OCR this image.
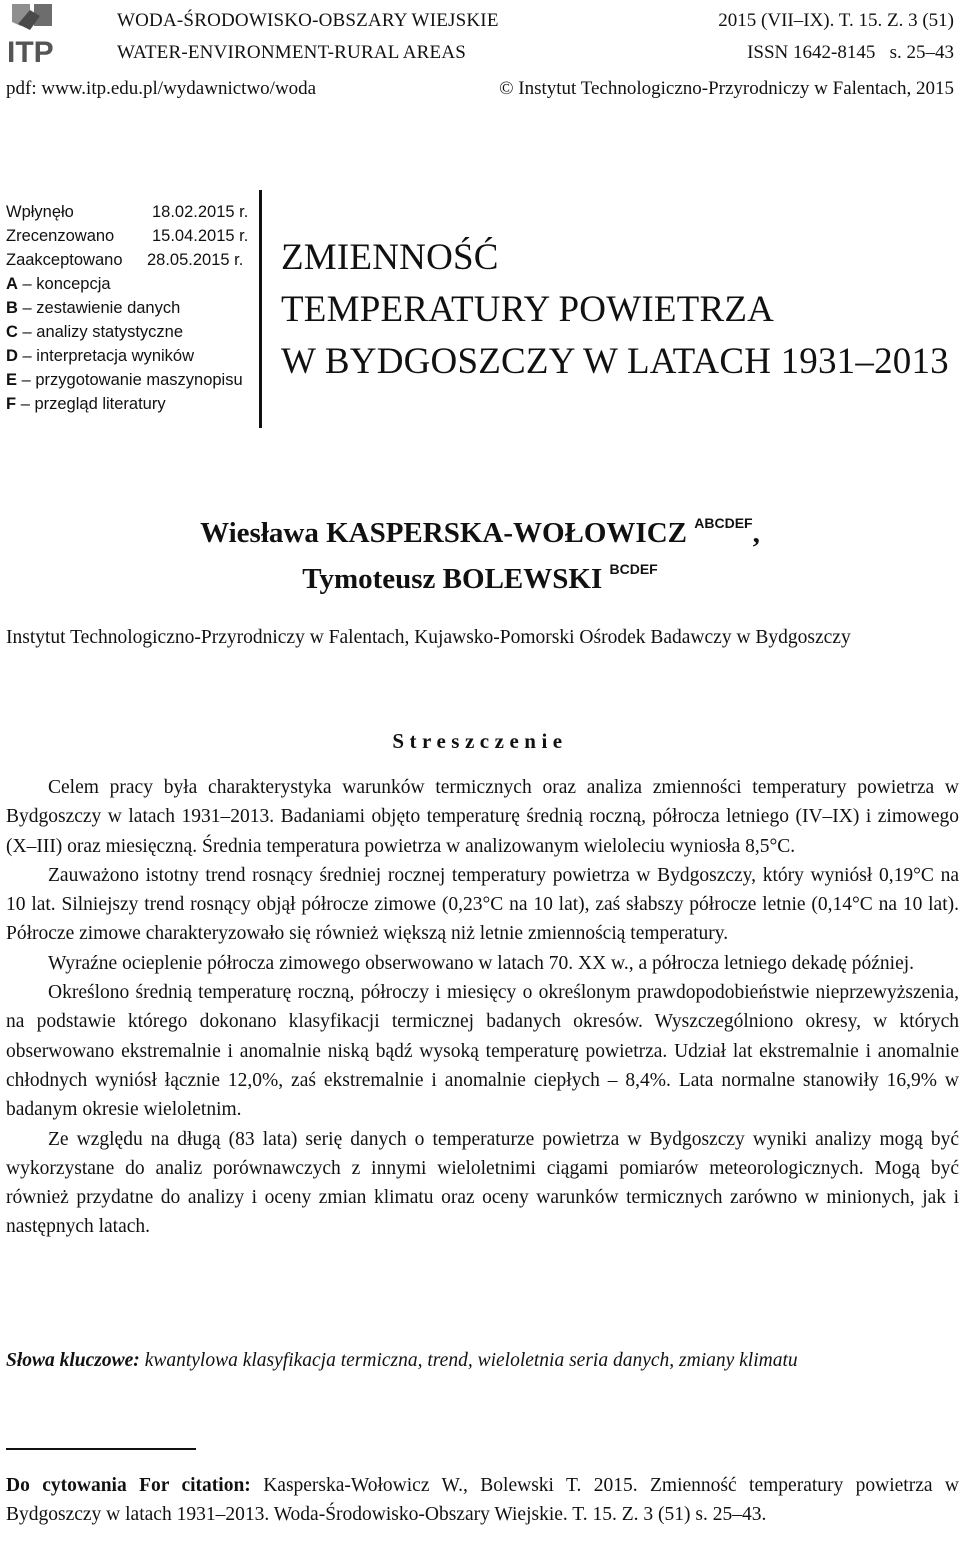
ITP
WODA-ŚRODOWISKO-OBSZARY WIEJSKIE
WATER-ENVIRONMENT-RURAL AREAS
2015 (VII–IX). T. 15. Z. 3 (51)
ISSN 1642-8145 s. 25–43
pdf: www.itp.edu.pl/wydawnictwo/woda	© Instytut Technologiczno-Przyrodniczy w Falentach, 2015
Wpłynęło	18.02.2015 r.
Zrecenzowano 15.04.2015 r.
Zaakceptowano 28.05.2015 r.
A – koncepcja
B – zestawienie danych
C – analizy statystyczne
D – interpretacja wyników
E – przygotowanie maszynopisu
F – przegląd literatury
ZMIENNOŚĆ
TEMPERATURY POWIETRZA
W BYDGOSZCZY W LATACH 1931–2013
Wiesława KASPERSKA-WOŁOWICZ $^{ABCDEF}$,
Tymoteusz BOLEWSKI $^{BCDEF}$
Instytut Technologiczno-Przyrodniczy w Falentach, Kujawsko-Pomorski Ośrodek Badawczy w Bydgoszczy
Streszczenie

Celem pracy była charakterystyka warunków termicznych oraz analiza zmienności temperatury powietrza w Bydgoszczy w latach 1931–2013. Badaniami objęto temperaturę średnią roczną, półrocza letniego (IV–IX) i zimowego (X–III) oraz miesięczną. Średnia temperatura powietrza w analizowanym wieloleciu wyniosła 8,5°C.

Zauważono istotny trend rosnący średniej rocznej temperatury powietrza w Bydgoszczy, który wyniósł 0,19°C na 10 lat. Silniejszy trend rosnący objął półrocze zimowe (0,23°C na 10 lat), zaś słabszy półrocze letnie (0,14°C na 10 lat). Półrocze zimowe charakteryzowało się również większą niż letnie zmiennością temperatury.

Wyraźne ocieplenie półrocza zimowego obserwowano w latach 70. XX w., a półrocza letniego dekadę później.

Określono średnią temperaturę roczną, półroczy i miesięcy o określonym prawdopodobieństwie nieprzewyższenia, na podstawie którego dokonano klasyfikacji termicznej badanych okresów. Wyszczególniono okresy, w których obserwowano ekstremalnie i anomalnie niską bądź wysoką temperaturę powietrza. Udział lat ekstremalnie i anomalnie chłodnych wyniósł łącznie 12,0%, zaś ekstremalnie i anomalnie ciepłych – 8,4%. Lata normalne stanowiły 16,9% w badanym okresie wieloletnim.

Ze względu na długą (83 lata) serię danych o temperaturze powietrza w Bydgoszczy wyniki analizy mogą być wykorzystane do analiz porównawczych z innymi wieloletnimi ciągami pomiarów meteorologicznych. Mogą być również przydatne do analizy i oceny zmian klimatu oraz oceny warunków termicznych zarówno w minionych, jak i następnych latach.

Słowa kluczowe: kwantylowa klasyfikacja termiczna, trend, wieloletnia seria danych, zmiany klimatu
Do cytowania For citation: Kasperska-Wołowicz W., Bolewski T. 2015. Zmienność temperatury powietrza w Bydgoszczy w latach 1931–2013. Woda-Środowisko-Obszary Wiejskie. T. 15. Z. 3 (51) s. 25–43.
